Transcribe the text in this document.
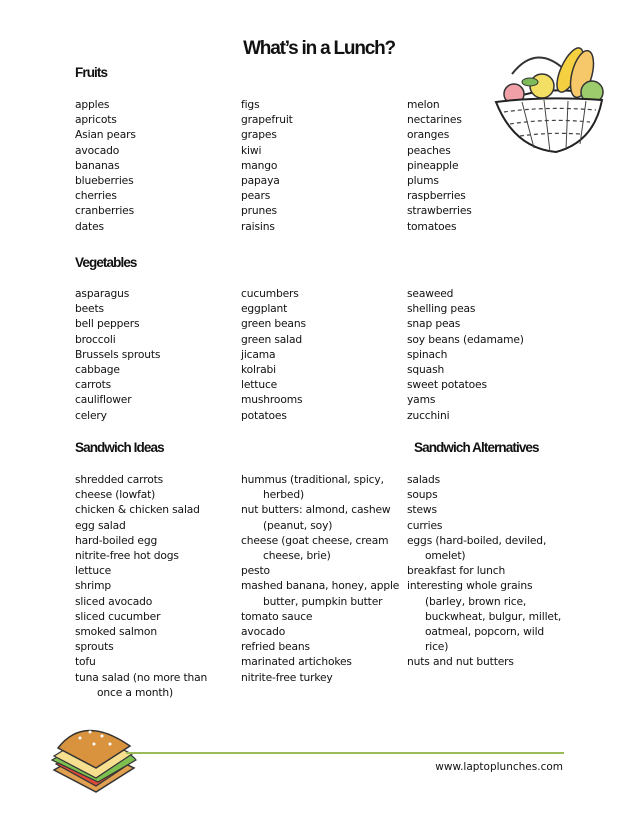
What’s in a Lunch?
Fruits
apples
apricots
Asian pears
avocado
bananas
blueberries
cherries
cranberries
dates
figs
grapefruit
grapes
kiwi
mango
papaya
pears
prunes
raisins
melon
nectarines
oranges
peaches
pineapple
plums
raspberries
strawberries
tomatoes
Vegetables
asparagus
beets
bell peppers
broccoli
Brussels sprouts
cabbage
carrots
cauliflower
celery
cucumbers
eggplant
green beans
green salad
jicama
kolrabi
lettuce
mushrooms
potatoes
seaweed
shelling peas
snap peas
soy beans (edamame)
spinach
squash
sweet potatoes
yams
zucchini
Sandwich Ideas	Sandwich Alternatives
shredded carrots
cheese (lowfat)
chicken & chicken salad
egg salad
hard-boiled egg
nitrite-free hot dogs
lettuce
shrimp
sliced avocado
sliced cucumber
smoked salmon
sprouts
tofu
tuna salad (no more than
once a month)
hummus (traditional, spicy,
herbed)
nut butters: almond, cashew
(peanut, soy)
cheese (goat cheese, cream
cheese, brie)
pesto
mashed banana, honey, apple
butter, pumpkin butter
tomato sauce
avocado
refried beans
marinated artichokes
nitrite-free turkey
salads
soups
stews
curries
eggs (hard-boiled, deviled,
omelet)
breakfast for lunch
interesting whole grains
(barley, brown rice,
buckwheat, bulgur, millet,
oatmeal, popcorn, wild
rice)
nuts and nut butters
www.laptoplunches.com
